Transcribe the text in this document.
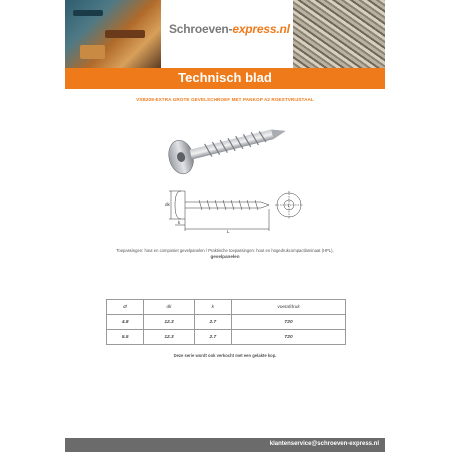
Schroeven-express.nl
Technisch blad
VSB208-EXTRA GROTE GEVELSCHROEF MET PANKOP A2 ROESTVRIJSTAAL
dk
k
L
T
Toepassingen: hout en composiet gevelpanelen / Praktische toepassingen: hout en hogedrukcompactlaminaat (HPL),
gevelpanelen
Ø	dk	k	voetafdruk
4.8	12.3	2.7	T20
5.5	12.3	2.7	T20
Deze serie wordt ook verkocht met een gelakte kop.
klantenservice@schroeven-express.nl
